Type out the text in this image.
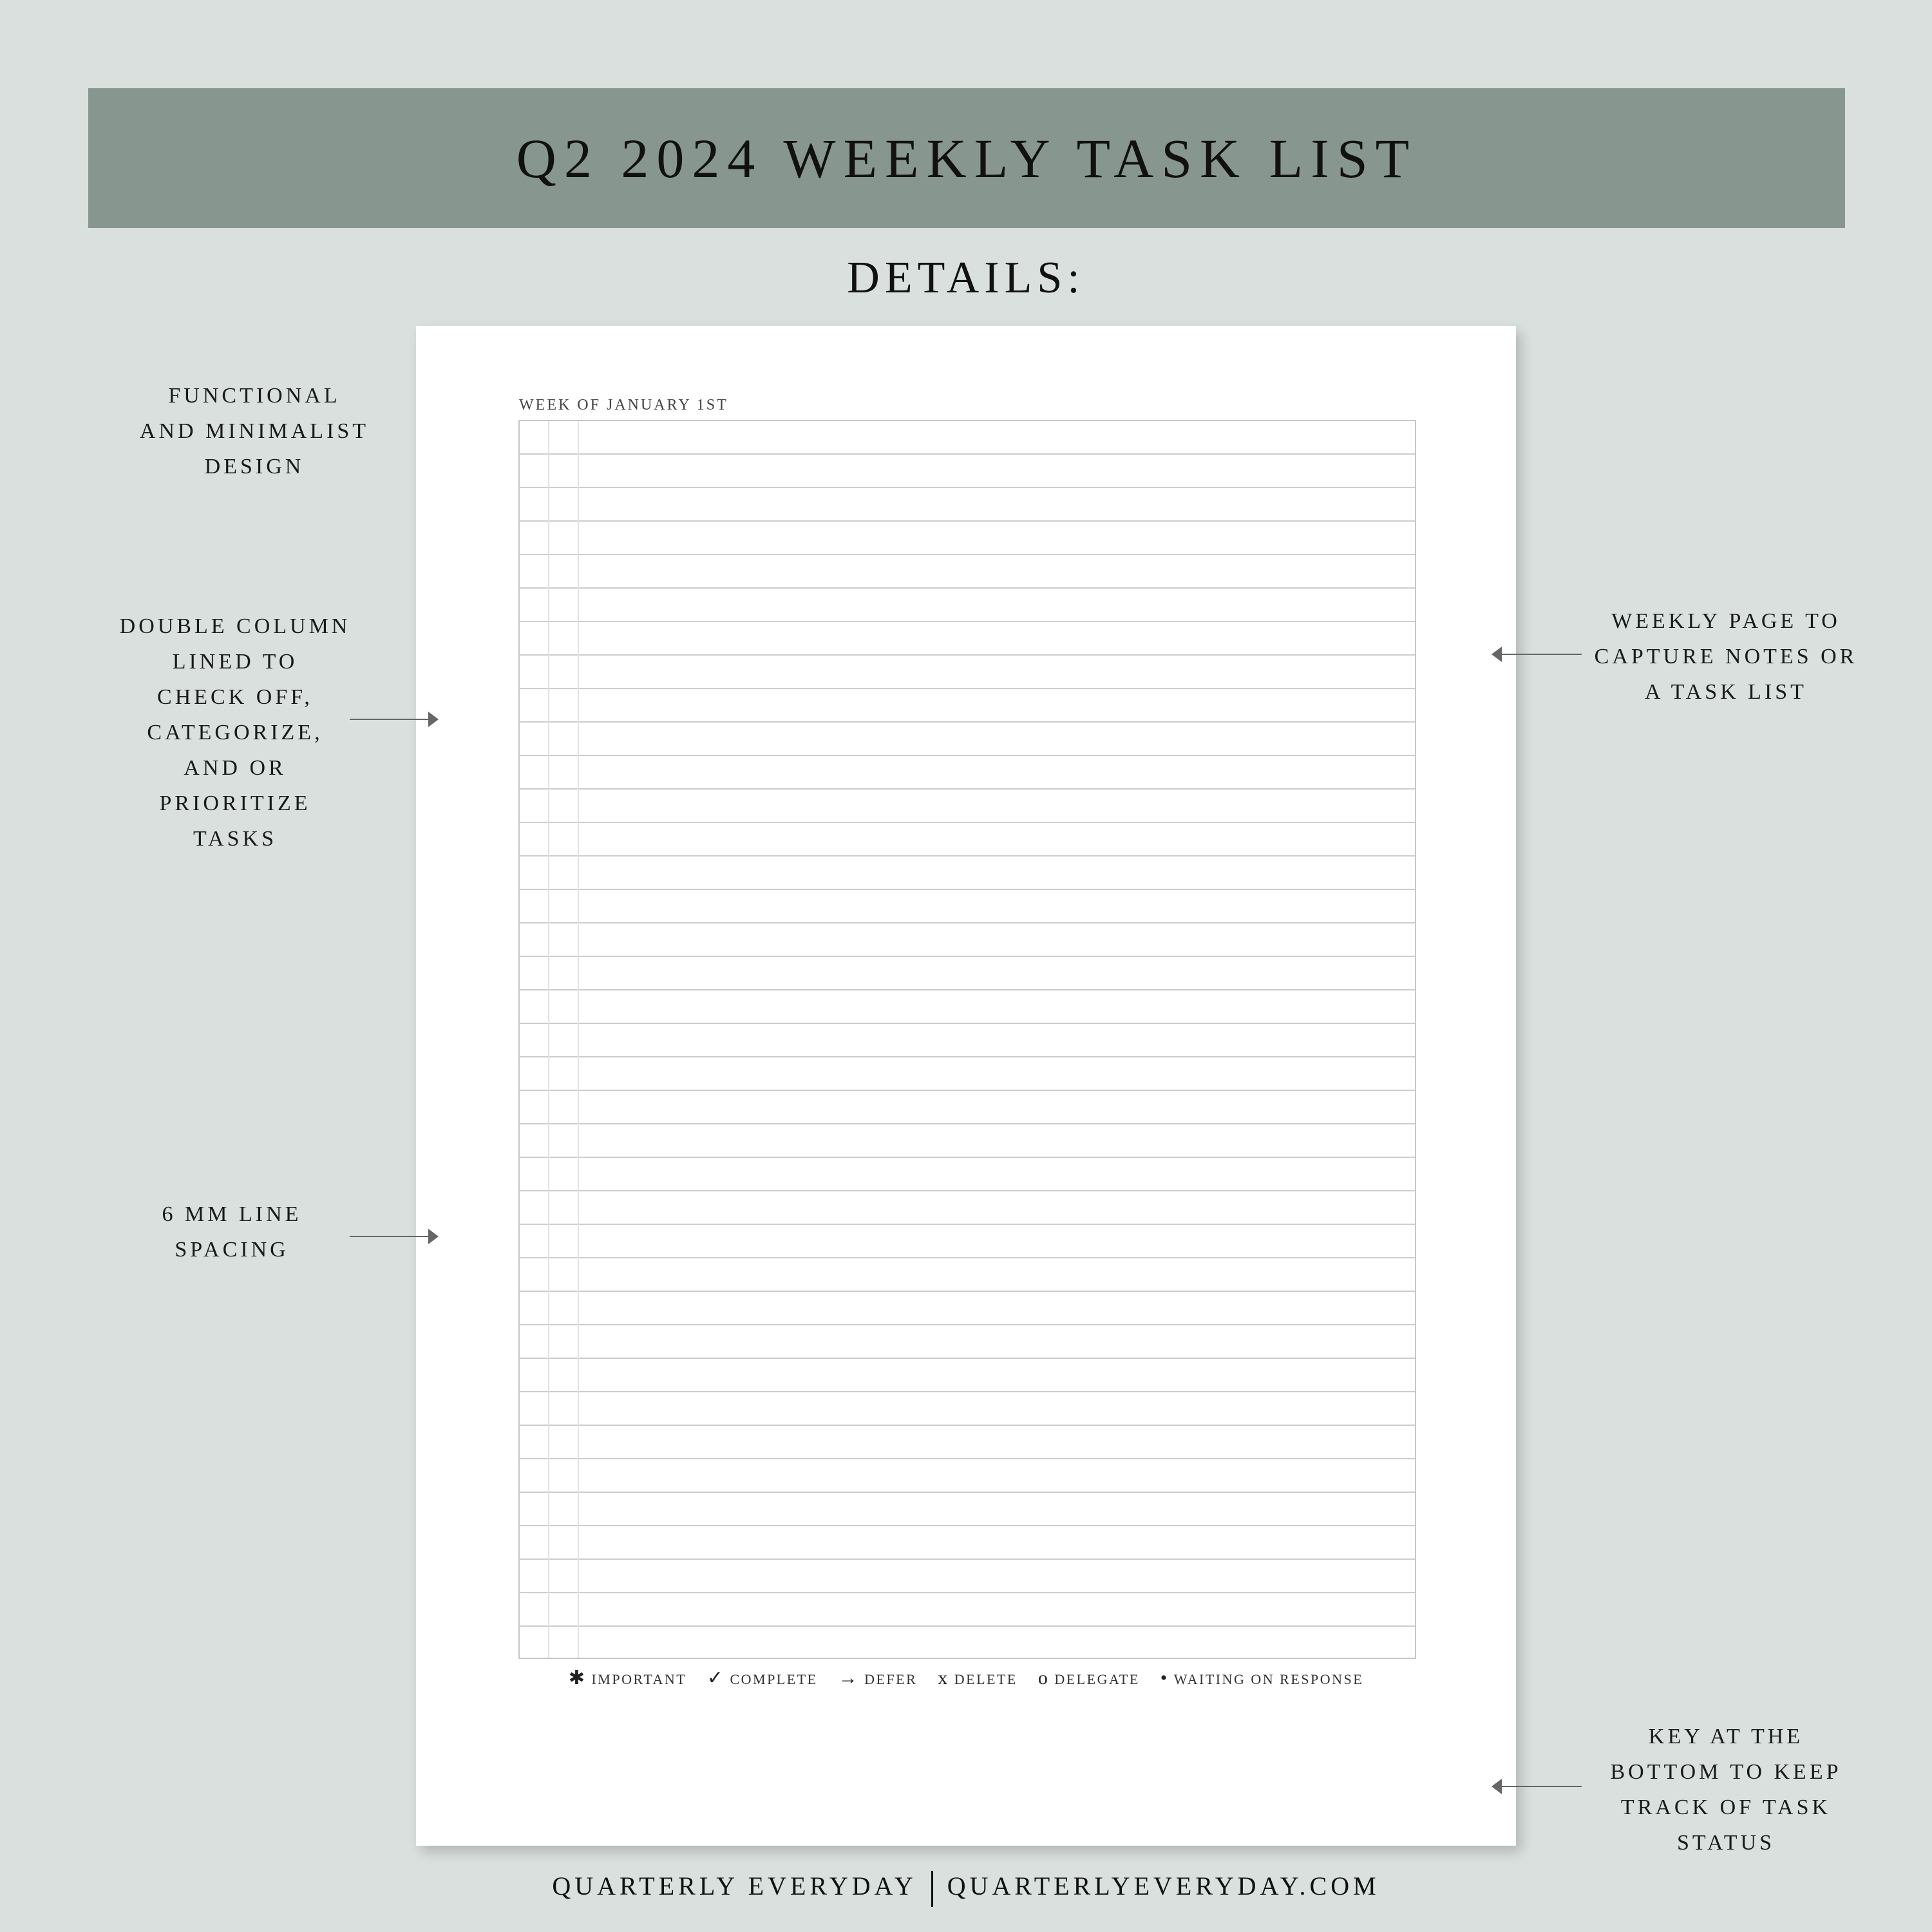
Q2 2024 WEEKLY TASK LIST
DETAILS:
WEEK OF JANUARY 1ST
✱ IMPORTANT ✓ COMPLETE → DEFER x DELETE o DELEGATE • WAITING ON RESPONSE
FUNCTIONAL
AND MINIMALIST
DESIGN
DOUBLE COLUMN
LINED TO
CHECK OFF,
CATEGORIZE,
AND OR
PRIORITIZE
TASKS
6 MM LINE
SPACING
WEEKLY PAGE TO
CAPTURE NOTES OR
A TASK LIST
KEY AT THE
BOTTOM TO KEEP
TRACK OF TASK
STATUS
QUARTERLY EVERYDAY QUARTERLYEVERYDAY.COM
